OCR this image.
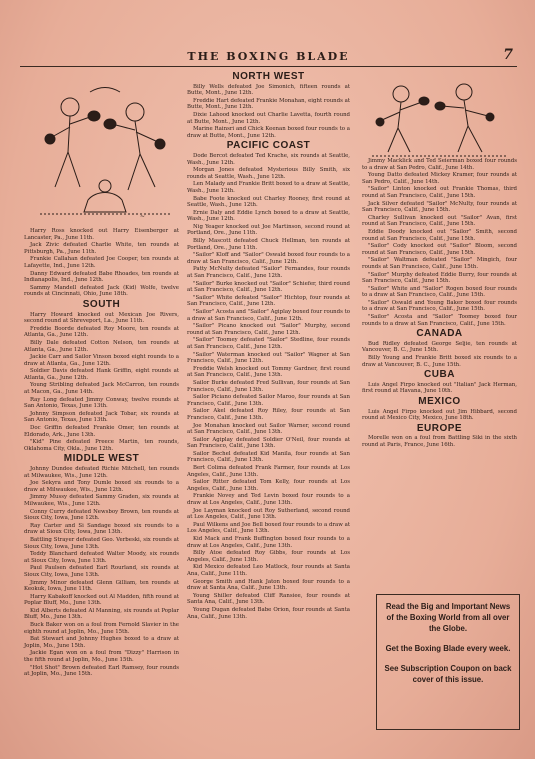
THE BOXING BLADE	7
~
Harry Ross knocked out Harry Eisenberger at Lancaster, Pa., June 11th.
Jack Zivic defeated Charlie White, ten rounds at Pittsburgh, Pa., June 11th.
Frankie Callahan defeated Joe Cooper, ten rounds at Lafayette, Ind., June 12th.
Danny Edward defeated Babe Rhoades, ten rounds at Indianapolis, Ind., June 12th.
Sammy Mandell defeated Jack (Kid) Wolfe, twelve rounds at Cincinnati, Ohio, June 18th.
SOUTH
Harry Howard knocked out Mexican Joe Rivers, second round at Shreveport, La., June 11th.
Freddie Boorde defeated Roy Moore, ten rounds at Atlanta, Ga., June 12th.
Billy Dale defeated Cotton Nelson, ten rounds at Atlanta, Ga., June 12th.
Jackie Carr and Sailor Vinson boxed eight rounds to a draw at Atlanta, Ga., June 12th.
Soldier Davis defeated Hank Griffin, eight rounds at Atlanta, Ga., June 12th.
Young Stribling defeated Jack McCarron, ten rounds at Macon, Ga., June 14th.
Ray Long defeated Jimmy Conway, twelve rounds at San Antonio, Texas, June 13th.
Johnny Simpson defeated Jack Tobar, six rounds at San Antonio, Texas, June 13th.
Doc Griffin defeated Frankie Omer, ten rounds at Eldorado, Ark., June 13th.
"Kid" Pine defeated Preece Martin, ten rounds, Oklahoma City, Okla., June 12th.
MIDDLE WEST
Johnny Dundee defeated Richie Mitchell, ten rounds at Milwaukee, Wis., June 12th.
Joe Sekyra and Tony Dumle boxed six rounds to a draw at Milwaukee, Wis., June 12th.
Jimmy Mussy defeated Sammy Graden, six rounds at Milwaukee, Wis., June 12th.
Conny Curry defeated Newsboy Brown, ten rounds at Sioux City, Iowa, June 12th.
Ray Carter and Si Sandage boxed six rounds to a draw at Sioux City, Iowa, June 13th.
Battling Strayer defeated Geo. Verbeski, six rounds at Sioux City, Iowa, June 13th.
Teddy Blanchard defeated Walter Moody, six rounds at Sioux City, Iowa, June 13th.
Paul Paulsen defeated Earl Rourland, six rounds at Sioux City, Iowa, June 13th.
Jimmy Minor defeated Glenn Gilliam, ten rounds at Keokuk, Iowa, June 11th.
Harry Kabakoff knocked out Al Madden, fifth round at Poplar Bluff, Mo., June 13th.
Kid Alberts defeated Al Manning, six rounds at Poplar Bluff, Mo., June 13th.
Buck Baker won on a foul from Fernold Slavier in the eighth round at Joplin, Mo., June 15th.
Bat Stewart and Johnny Hughes boxed to a draw at Joplin, Mo., June 15th.
Jackie Egan won on a foul from "Dizzy" Harrison in the fifth round at Joplin, Mo., June 15th.
"Hot Shot" Brown defeated Earl Ramsey, four rounds at Joplin, Mo., June 15th.
NORTH WEST
Billy Wells defeated Joe Simonich, fifteen rounds at Butte, Mont., June 12th.
Freddie Hart defeated Frankie Monahan, eight rounds at Butte, Mont., June 12th.
Dixie Lahood knocked out Charlie Lavetta, fourth round at Butte, Mont., June 12th.
Marine Rainsri and Chick Keenan boxed four rounds to a draw at Butte, Mont., June 12th.
PACIFIC COAST
Dode Bercot defeated Ted Krache, six rounds at Seattle, Wash., June 12th.
Morgan Jones defeated Mysterious Billy Smith, six rounds at Seattle, Wash., June 12th.
Len Malady and Frankie Britt boxed to a draw at Seattle, Wash., June 12th.
Babe Foote knocked out Charley Rooney, first round at Seattle, Wash., June 12th.
Ernie Daly and Eddie Lynch boxed to a draw at Seattle, Wash., June 12th.
Nig Yeager knocked out Joe Martinson, second round at Portland, Ore., June 11th.
Billy Mascott defeated Chuck Hellman, ten rounds at Portland, Ore., June 11th.
"Sailor" Kloff and "Sailor" Oswald boxed four rounds to a draw at San Francisco, Calif., June 12th.
Patty McNulty defeated "Sailor" Fernandes, four rounds at San Francisco, Calif., June 12th.
"Sailor" Burke knocked out "Sailor" Schiefer, third round at San Francisco, Calif., June 12th.
"Sailor" White defeated "Sailor" Hichtop, four rounds at San Francisco, Calif., June 12th.
"Sailor" Acosta and "Sailor" Agiplay boxed four rounds to a draw at San Francisco, Calif., June 12th.
"Sailor" Picano knocked out "Sailor" Murphy, second round at San Francisco, Calif., June 12th.
"Sailor" Toomey defeated "Sailor" Stedline, four rounds at San Francisco, Calif., June 12th.
"Sailor" Waterman knocked out "Sailor" Wagner at San Francisco, Calif., June 12th.
Freddie Welsh knocked out Tommy Gardner, first round at San Francisco, Calif., June 13th.
Sailor Burke defeated Fred Sullivan, four rounds at San Francisco, Calif., June 13th.
Sailor Piciano defeated Sailor Maroo, four rounds at San Francisco, Calif., June 13th.
Sailor Akel defeated Roy Riley, four rounds at San Francisco, Calif., June 13th.
Joe Monahan knocked out Sailor Warner, second round at San Francisco, Calif., June 13th.
Sailor Agiplay defeated Soldier O'Neil, four rounds at San Francisco, Calif., June 13th.
Sailor Bechel defeated Kid Manila, four rounds at San Francisco, Calif., June 13th.
Bert Colima defeated Frank Farmer, four rounds at Los Angeles, Calif., June 13th.
Sailor Ritter defeated Tom Kelly, four rounds at Los Angeles, Calif., June 13th.
Frankie Novey and Ted Levin boxed four rounds to a draw at Los Angeles, Calif., June 13th.
Joe Layman knocked out Roy Sutherland, second round at Los Angeles, Calif., June 13th.
Paul Wilkens and Joe Bell boxed four rounds to a draw at Los Angeles, Calif., June 13th.
Kid Mack and Frank Buffington boxed four rounds to a draw at Los Angeles, Calif., June 13th.
Billy Atoe defeated Roy Gibbs, four rounds at Los Angeles, Calif., June 13th.
Kid Mexico defeated Leo Matlock, four rounds at Santa Ana, Calif., June 11th.
George Smith and Hank Jaton boxed four rounds to a draw at Santa Ana, Calif., June 13th.
Young Shiller defeated Cliff Ransiee, four rounds at Santa Ana, Calif., June 13th.
Young Dugan defeated Babe Orion, four rounds at Santa Ana, Calif., June 13th.
Jimmy Macklick and Ted Seierman boxed four rounds to a draw at San Pedro, Calif., June 14th.
Young Datto defeated Mickey Kramer, four rounds at San Pedro, Calif., June 14th.
"Sailor" Linton knocked out Frankie Thomas, third round at San Francisco, Calif., June 15th.
Jack Silver defeated "Sailor" McNulty, four rounds at San Francisco, Calif., June 15th.
Charley Sullivan knocked out "Sailor" Avan, first round at San Francisco, Calif., June 15th.
Eddie Doody knocked out "Sailor" Smith, second round at San Francisco, Calif., June 15th.
"Sailor" Cody knocked out "Sailor" Bloom, second round at San Francisco, Calif., June 15th.
"Sailor" Waltman defeated "Sailor" Mingich, four rounds at San Francisco, Calif., June 15th.
"Sailor" Murphy defeated Eddie Burry, four rounds at San Francisco, Calif., June 15th.
"Sailor" White and "Sailor" Rogen boxed four rounds to a draw at San Francisco, Calif., June 15th.
"Sailor" Oswald and Young Baker boxed four rounds to a draw at San Francisco, Calif., June 15th.
"Sailor" Acosta and "Sailor" Toomey boxed four rounds to a draw at San Francisco, Calif., June 15th.
CANADA
Bud Ridley defeated George Seljie, ten rounds at Vancouver, B. C., June 15th.
Billy Young and Frankie Britt boxed six rounds to a draw at Vancouver, B. C., June 15th.
CUBA
Luis Angel Firpo knocked out "Italian" Jack Herman, first round at Havana, June 10th.
MEXICO
Luis Angel Firpo knocked out Jim Hibbard, second round at Mexico City, Mexico, June 18th.
EUROPE
Morelle won on a foul from Battling Siki in the sixth round at Paris, France, June 16th.

Read the Big and Important News of the Boxing World from all over the Globe.

Get the Boxing Blade every week.

See Subscription Coupon on back cover of this issue.
